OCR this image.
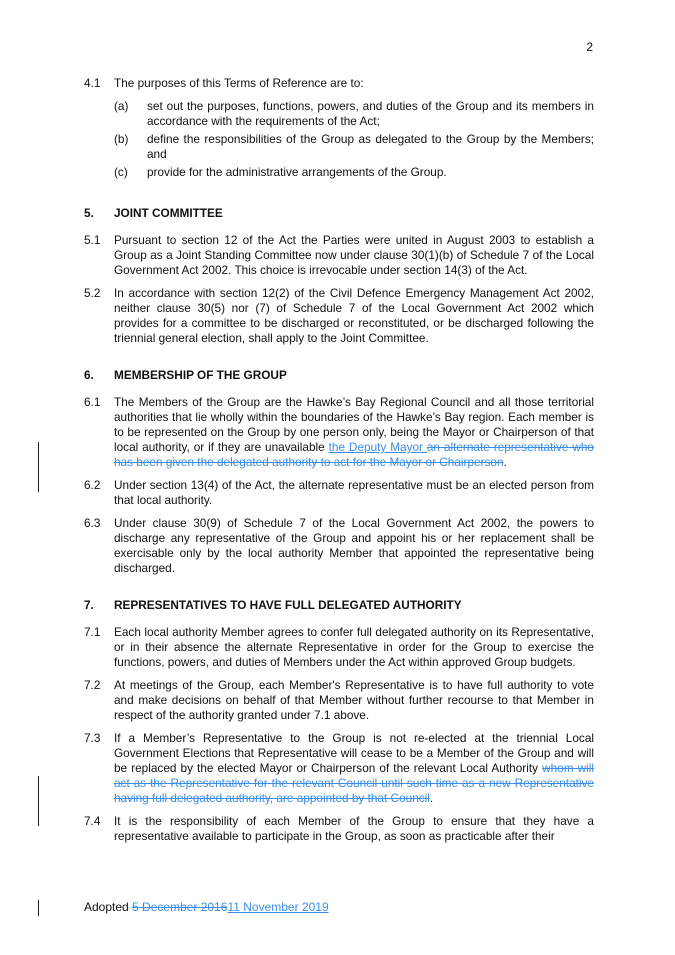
2
4.1 The purposes of this Terms of Reference are to:
(a) set out the purposes, functions, powers, and duties of the Group and its members in accordance with the requirements of the Act;
(b) define the responsibilities of the Group as delegated to the Group by the Members; and
(c) provide for the administrative arrangements of the Group.
5. JOINT COMMITTEE
5.1 Pursuant to section 12 of the Act the Parties were united in August 2003 to establish a Group as a Joint Standing Committee now under clause 30(1)(b) of Schedule 7 of the Local Government Act 2002. This choice is irrevocable under section 14(3) of the Act.
5.2 In accordance with section 12(2) of the Civil Defence Emergency Management Act 2002, neither clause 30(5) nor (7) of Schedule 7 of the Local Government Act 2002 which provides for a committee to be discharged or reconstituted, or be discharged following the triennial general election, shall apply to the Joint Committee.
6. MEMBERSHIP OF THE GROUP
6.1 The Members of the Group are the Hawke’s Bay Regional Council and all those territorial authorities that lie wholly within the boundaries of the Hawke’s Bay region. Each member is to be represented on the Group by one person only, being the Mayor or Chairperson of that local authority, or if they are unavailable the Deputy Mayor an alternate representative who has been given the delegated authority to act for the Mayor or Chairperson.
6.2 Under section 13(4) of the Act, the alternate representative must be an elected person from that local authority.
6.3 Under clause 30(9) of Schedule 7 of the Local Government Act 2002, the powers to discharge any representative of the Group and appoint his or her replacement shall be exercisable only by the local authority Member that appointed the representative being discharged.
7. REPRESENTATIVES TO HAVE FULL DELEGATED AUTHORITY
7.1 Each local authority Member agrees to confer full delegated authority on its Representative, or in their absence the alternate Representative in order for the Group to exercise the functions, powers, and duties of Members under the Act within approved Group budgets.
7.2 At meetings of the Group, each Member's Representative is to have full authority to vote and make decisions on behalf of that Member without further recourse to that Member in respect of the authority granted under 7.1 above.
7.3 If a Member’s Representative to the Group is not re-elected at the triennial Local Government Elections that Representative will cease to be a Member of the Group and will be replaced by the elected Mayor or Chairperson of the relevant Local Authority whom will act as the Representative for the relevant Council until such time as a new Representative having full delegated authority, are appointed by that Council.
7.4 It is the responsibility of each Member of the Group to ensure that they have a representative available to participate in the Group, as soon as practicable after their
Adopted 5 December 201611 November 2019
